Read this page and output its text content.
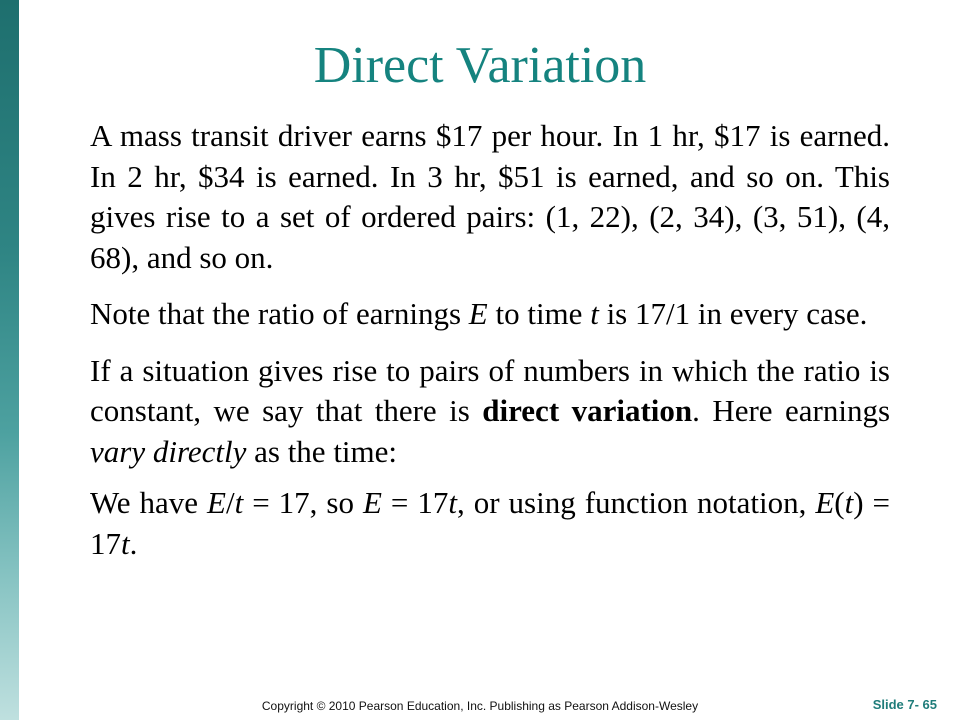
Direct Variation

A mass transit driver earns $17 per hour. In 1 hr, $17 is earned. In 2 hr, $34 is earned. In 3 hr, $51 is earned, and so on. This gives rise to a set of ordered pairs: (1, 22), (2, 34), (3, 51), (4, 68), and so on.

Note that the ratio of earnings E to time t is 17/1 in every case.

If a situation gives rise to pairs of numbers in which the ratio is constant, we say that there is direct variation. Here earnings vary directly as the time:

We have E/t = 17, so E = 17t, or using function notation, E(t) = 17t.

Copyright © 2010 Pearson Education, Inc. Publishing as Pearson Addison-Wesley	Slide 7- 65
